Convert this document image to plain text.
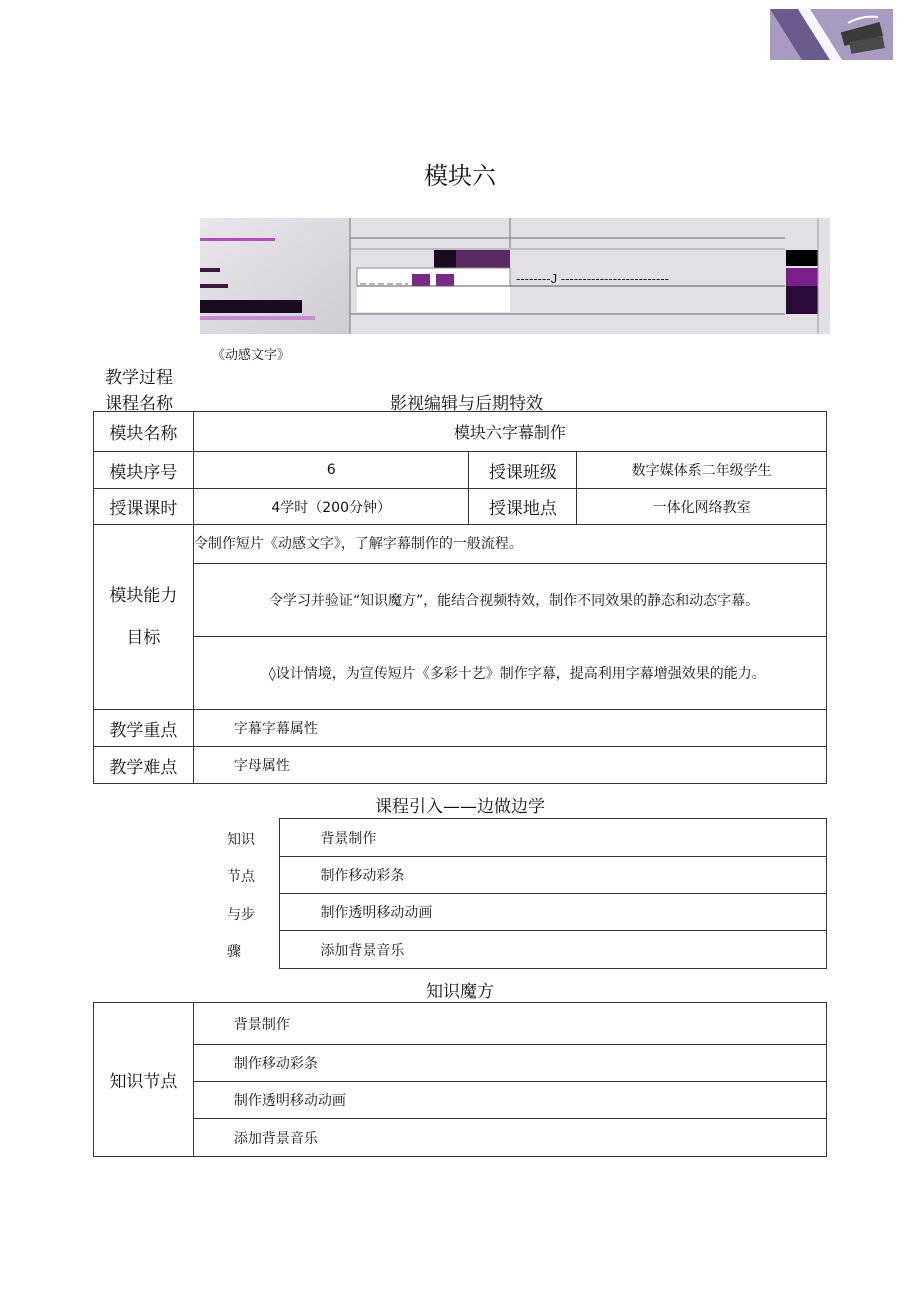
模块六
--------J -------------------------
《动感文字》
教学过程
课程名称	影视编辑与后期特效
模块名称	模块六字幕制作		
模块序号	6	授课班级	数字媒体系二年级学生
授课课时	4学时（200分钟）	授课地点	一体化网络教室

模块能力
目标	令制作短片《动感文字》，了解字幕制作的一般流程。		
	令学习并验证“知识魔方”，能结合视频特效，制作不同效果的静态和动态字幕。		
	◊设计情境，为宣传短片《多彩十艺》制作字幕，提高利用字幕增强效果的能力。		
教学重点	字幕字幕属性		
教学难点	字母属性		
课程引入——边做边学
知识
节点
与步
骤
	背景制作
制作移动彩条
制作透明移动动画
添加背景音乐
知识魔方
知识节点	背景制作
制作移动彩条
制作透明移动动画
添加背景音乐
